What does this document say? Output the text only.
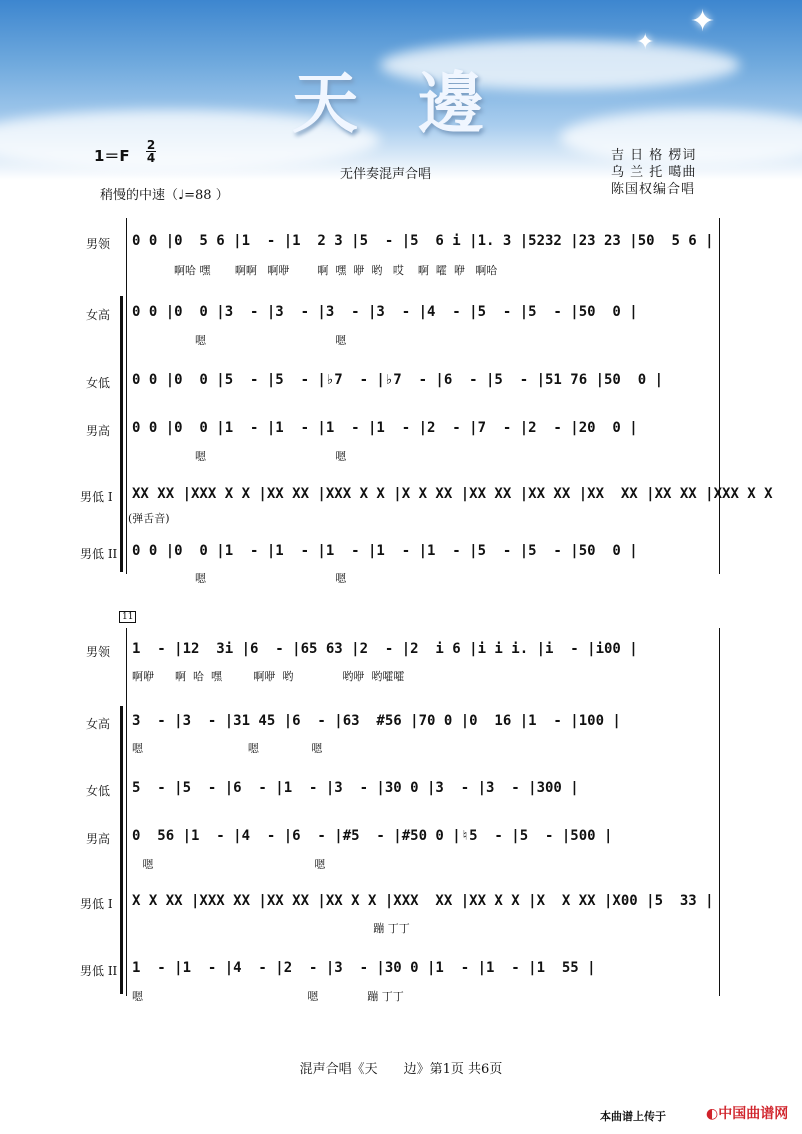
✦
✦
天邊
1＝F
2
4
无伴奏混声合唱
吉 日 格 楞词
乌 兰 托 噶曲
陈国权编合唱
稍慢的中速（♩=88 ）
男领 0 0 |0  5 6 |1  - |1  2 3 |5  - |5  6 i |1. 3 |5232 |23 23 |50  5 6 |
啊哈 嘿       啊啊   啊咿        啊  嘿  咿  哟   哎    啊  嚯  咿   啊哈
女高 0 0 |0  0 |3  - |3  - |3  - |3  - |4  - |5  - |5  - |50  0 |
嗯                                     嗯
女低 0 0 |0  0 |5  - |5  - |♭7  - |♭7  - |6  - |5  - |51 76 |50  0 |
男高 0 0 |0  0 |1  - |1  - |1  - |1  - |2  - |7  - |2  - |20  0 |
嗯                                     嗯
男低 I XX XX |XXX X X |XX XX |XXX X X |X X XX |XX XX |XX XX |XX  XX |XX XX |XXX X X
(弹舌音)
男低 II 0 0 |0  0 |1  - |1  - |1  - |1  - |1  - |5  - |5  - |50  0 |
嗯                                     嗯
11
男领 1  - |12  3i |6  - |65 63 |2  - |2  i 6 |i i i. |i  - |i00 |
啊咿      啊  哈  嘿         啊咿  哟              哟咿  哟嚯嚯
女高 3  - |3  - |31 45 |6  - |63  #56 |70 0 |0  16 |1  - |100 |
嗯                              嗯               嗯
女低 5  - |5  - |6  - |1  - |3  - |30 0 |3  - |3  - |300 |
男高 0  56 |1  - |4  - |6  - |#5  - |#50 0 |♮5  - |5  - |500 |
嗯                                              嗯
男低 I X X XX |XXX XX |XX XX |XX X X |XXX  XX |XX X X |X  X XX |X00 |5  33 |
蹦 丁丁
男低 II 1  - |1  - |4  - |2  - |3  - |30 0 |1  - |1  - |1  55 |
嗯                                               嗯              蹦 丁丁
混声合唱《天　　边》第1页 共6页
本曲谱上传于	◐中国曲谱网
